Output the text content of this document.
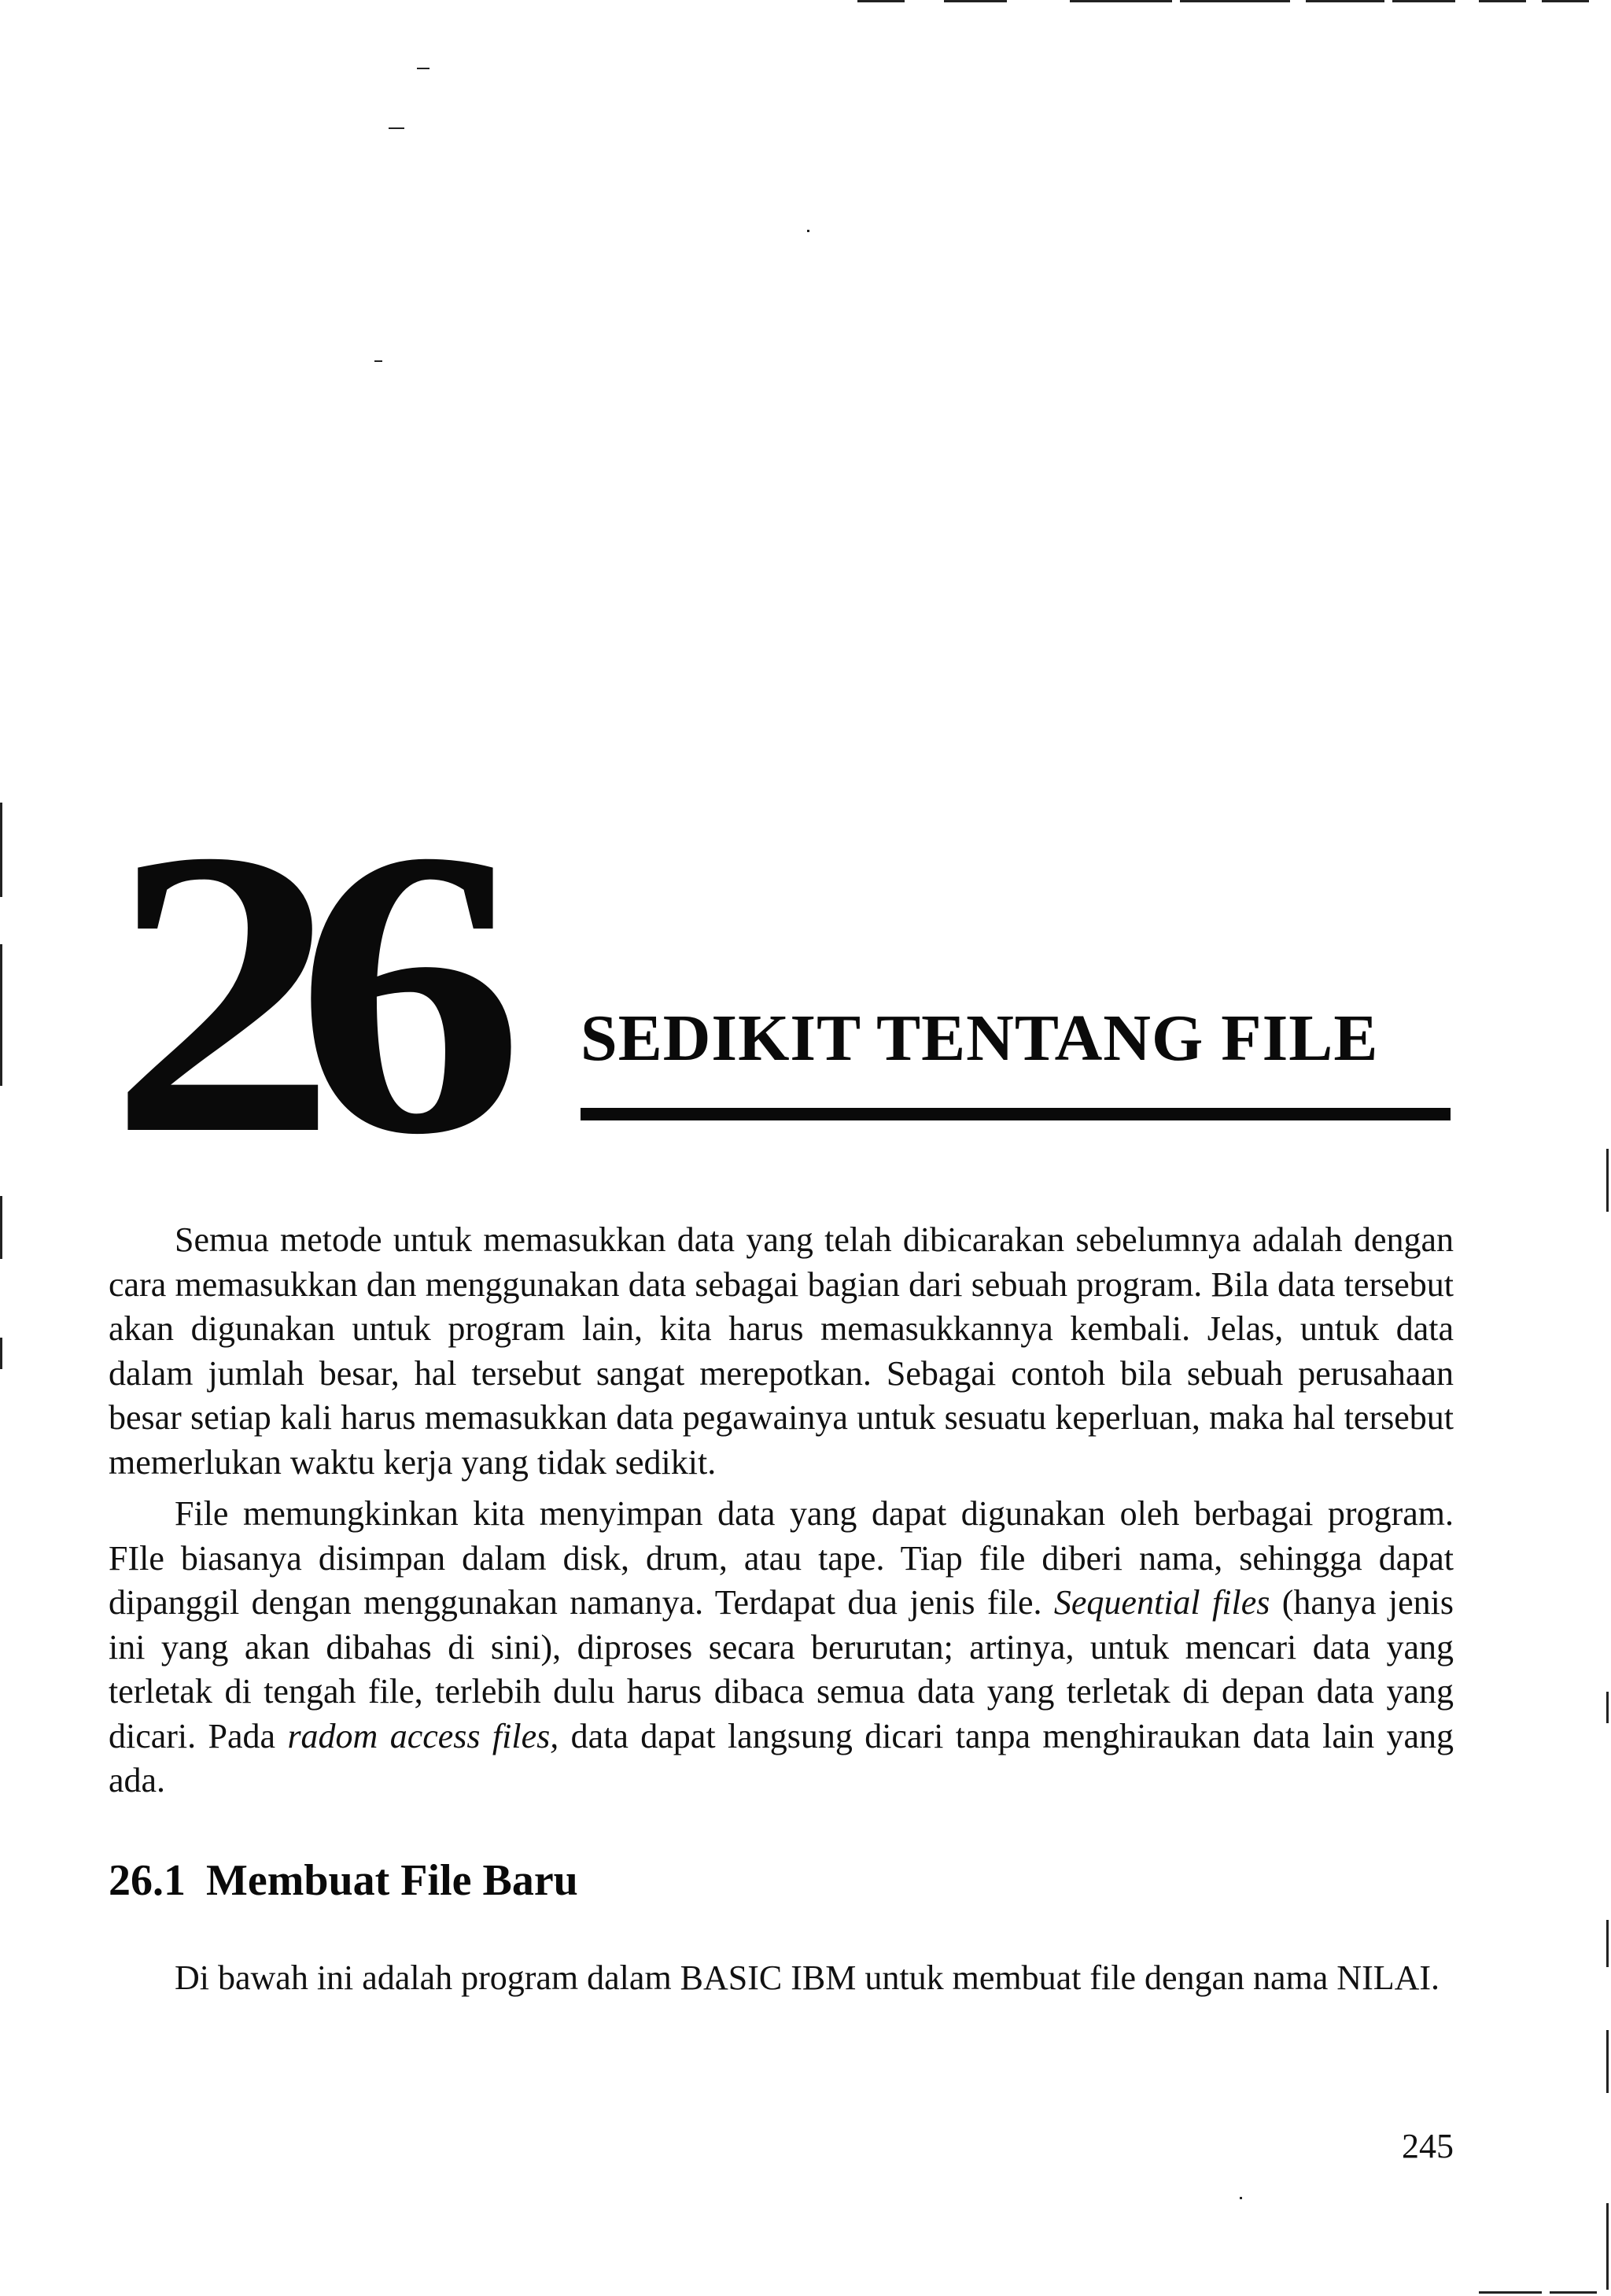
26 SEDIKIT TENTANG FILE

Semua metode untuk memasukkan data yang telah dibicarakan sebelumnya adalah dengan cara memasukkan dan menggunakan data sebagai bagian dari sebuah program. Bila data tersebut akan digunakan untuk program lain, kita harus memasukkannya kembali. Jelas, untuk data dalam jumlah besar, hal tersebut sangat merepotkan. Sebagai contoh bila sebuah perusahaan besar setiap kali harus memasukkan data pegawainya untuk sesuatu keperluan, maka hal tersebut memerlukan waktu kerja yang tidak sedikit.

File memungkinkan kita menyimpan data yang dapat digunakan oleh berbagai program. FIle biasanya disimpan dalam disk, drum, atau tape. Tiap file diberi nama, sehingga dapat dipanggil dengan menggunakan namanya. Terdapat dua jenis file. Sequential files (hanya jenis ini yang akan dibahas di sini), diproses secara berurutan; artinya, untuk mencari data yang terletak di tengah file, terlebih dulu harus dibaca semua data yang terletak di depan data yang dicari. Pada radom access files, data dapat langsung dicari tanpa menghiraukan data lain yang ada.

26.1 Membuat File Baru

Di bawah ini adalah program dalam BASIC IBM untuk membuat file dengan nama NILAI.

245
